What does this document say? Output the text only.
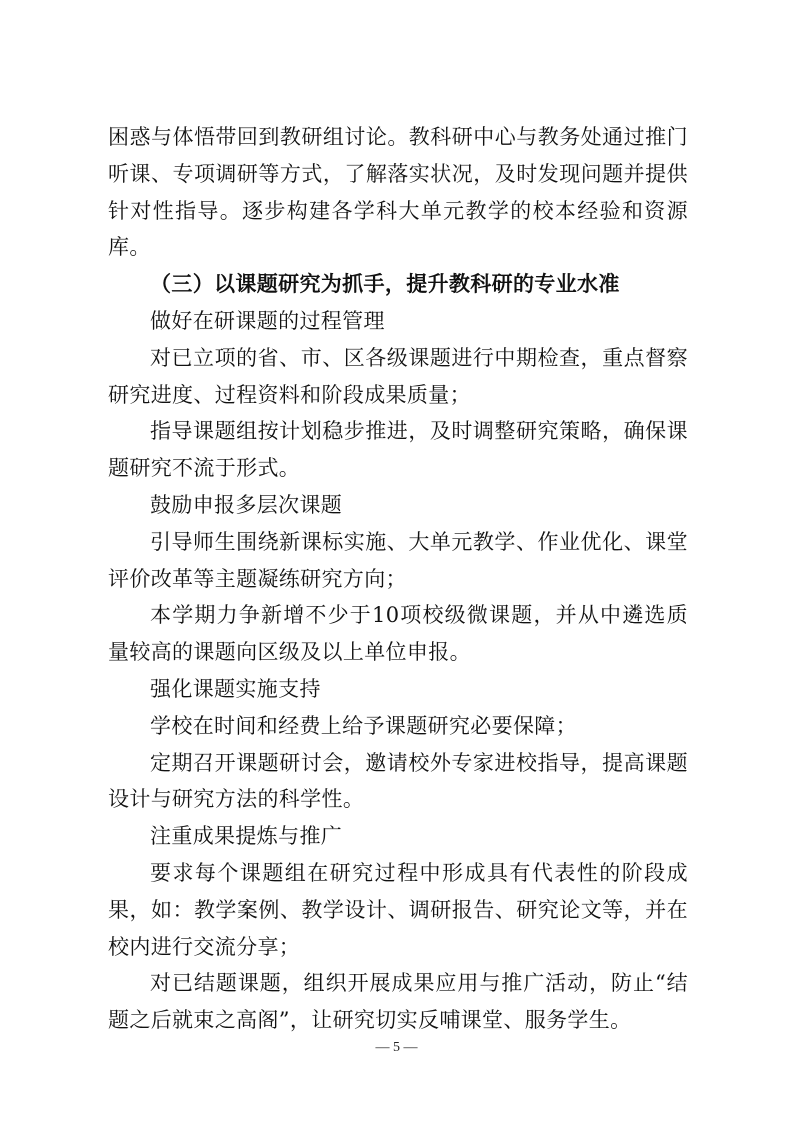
困惑与体悟带回到教研组讨论。教科研中心与教务处通过推门听课、专项调研等方式，了解落实状况，及时发现问题并提供针对性指导。逐步构建各学科大单元教学的校本经验和资源库。

（三）以课题研究为抓手，提升教科研的专业水准

做好在研课题的过程管理

对已立项的省、市、区各级课题进行中期检查，重点督察研究进度、过程资料和阶段成果质量；

指导课题组按计划稳步推进，及时调整研究策略，确保课题研究不流于形式。

鼓励申报多层次课题

引导师生围绕新课标实施、大单元教学、作业优化、课堂评价改革等主题凝练研究方向；

本学期力争新增不少于10项校级微课题，并从中遴选质量较高的课题向区级及以上单位申报。

强化课题实施支持

学校在时间和经费上给予课题研究必要保障；

定期召开课题研讨会，邀请校外专家进校指导，提高课题设计与研究方法的科学性。

注重成果提炼与推广

要求每个课题组在研究过程中形成具有代表性的阶段成果，如：教学案例、教学设计、调研报告、研究论文等，并在校内进行交流分享；

对已结题课题，组织开展成果应用与推广活动，防止“结题之后就束之高阁”，让研究切实反哺课堂、服务学生。

— 5 —
